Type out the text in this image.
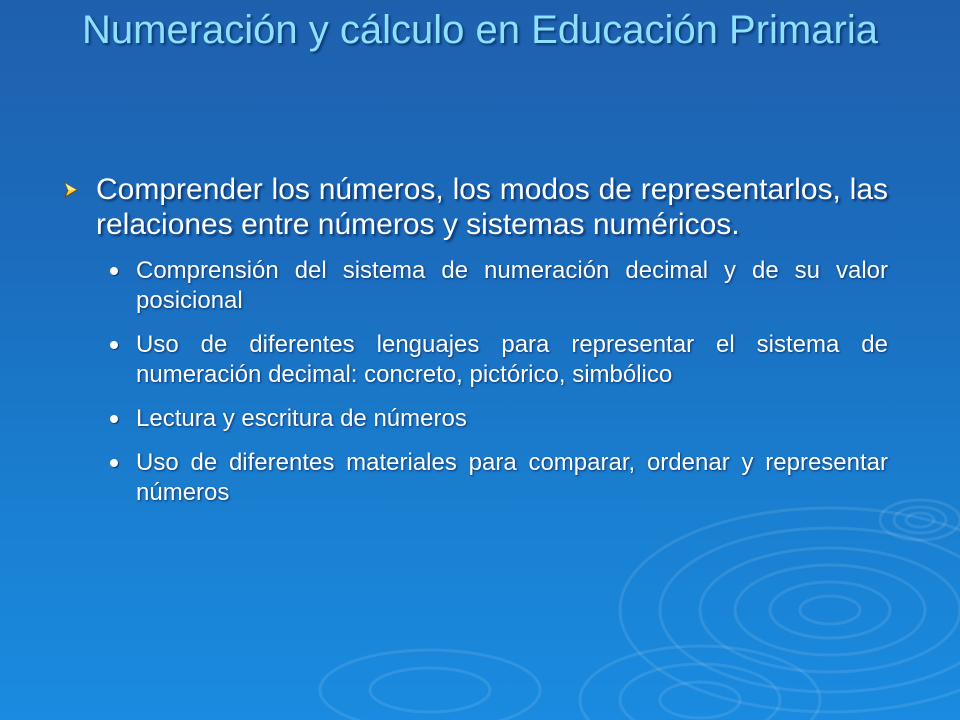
Numeración y cálculo en Educación Primaria
Comprender los números, los modos de representarlos, las relaciones entre números y sistemas numéricos.
Comprensión del sistema de numeración decimal y de su valor posicional
Uso de diferentes lenguajes para representar el sistema de numeración decimal: concreto, pictórico, simbólico
Lectura y escritura de números
Uso de diferentes materiales para comparar, ordenar y representar números
